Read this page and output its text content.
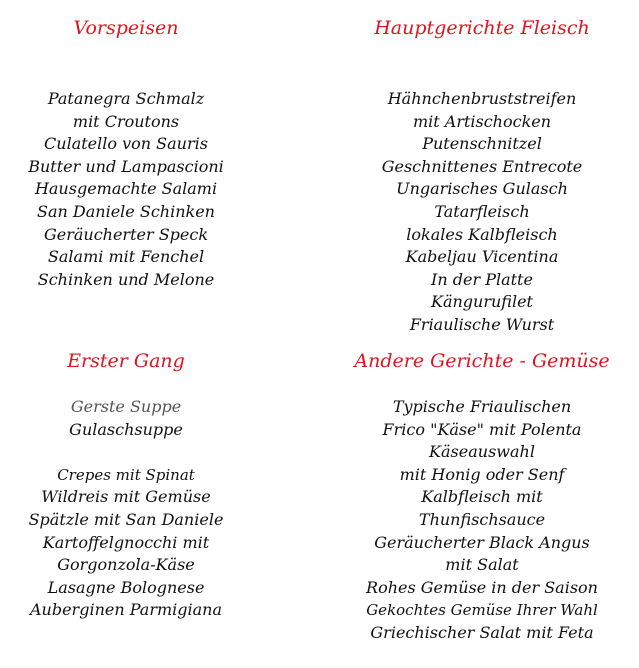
Vorspeisen
Patanegra Schmalz
mit Croutons
Culatello von Sauris
Butter und Lampascioni
Hausgemachte Salami
San Daniele Schinken
Geräucherter Speck
Salami mit Fenchel
Schinken und Melone
Hauptgerichte Fleisch
Hähnchenbruststreifen
mit Artischocken
Putenschnitzel
Geschnittenes Entrecote
Ungarisches Gulasch
Tatarfleisch
lokales Kalbfleisch
Kabeljau Vicentina
In der Platte
Kängurufilet
Friaulische Wurst
Erster Gang
Gerste Suppe
Gulaschsuppe
Crepes mit Spinat
Wildreis mit Gemüse
Spätzle mit San Daniele
Kartoffelgnocchi mit
Gorgonzola-Käse
Lasagne Bolognese
Auberginen Parmigiana
Andere Gerichte - Gemüse
Typische Friaulischen
Frico "Käse" mit Polenta
Käseauswahl
mit Honig oder Senf
Kalbfleisch mit
Thunfischsauce
Geräucherter Black Angus
mit Salat
Rohes Gemüse in der Saison
Gekochtes Gemüse Ihrer Wahl
Griechischer Salat mit Feta
